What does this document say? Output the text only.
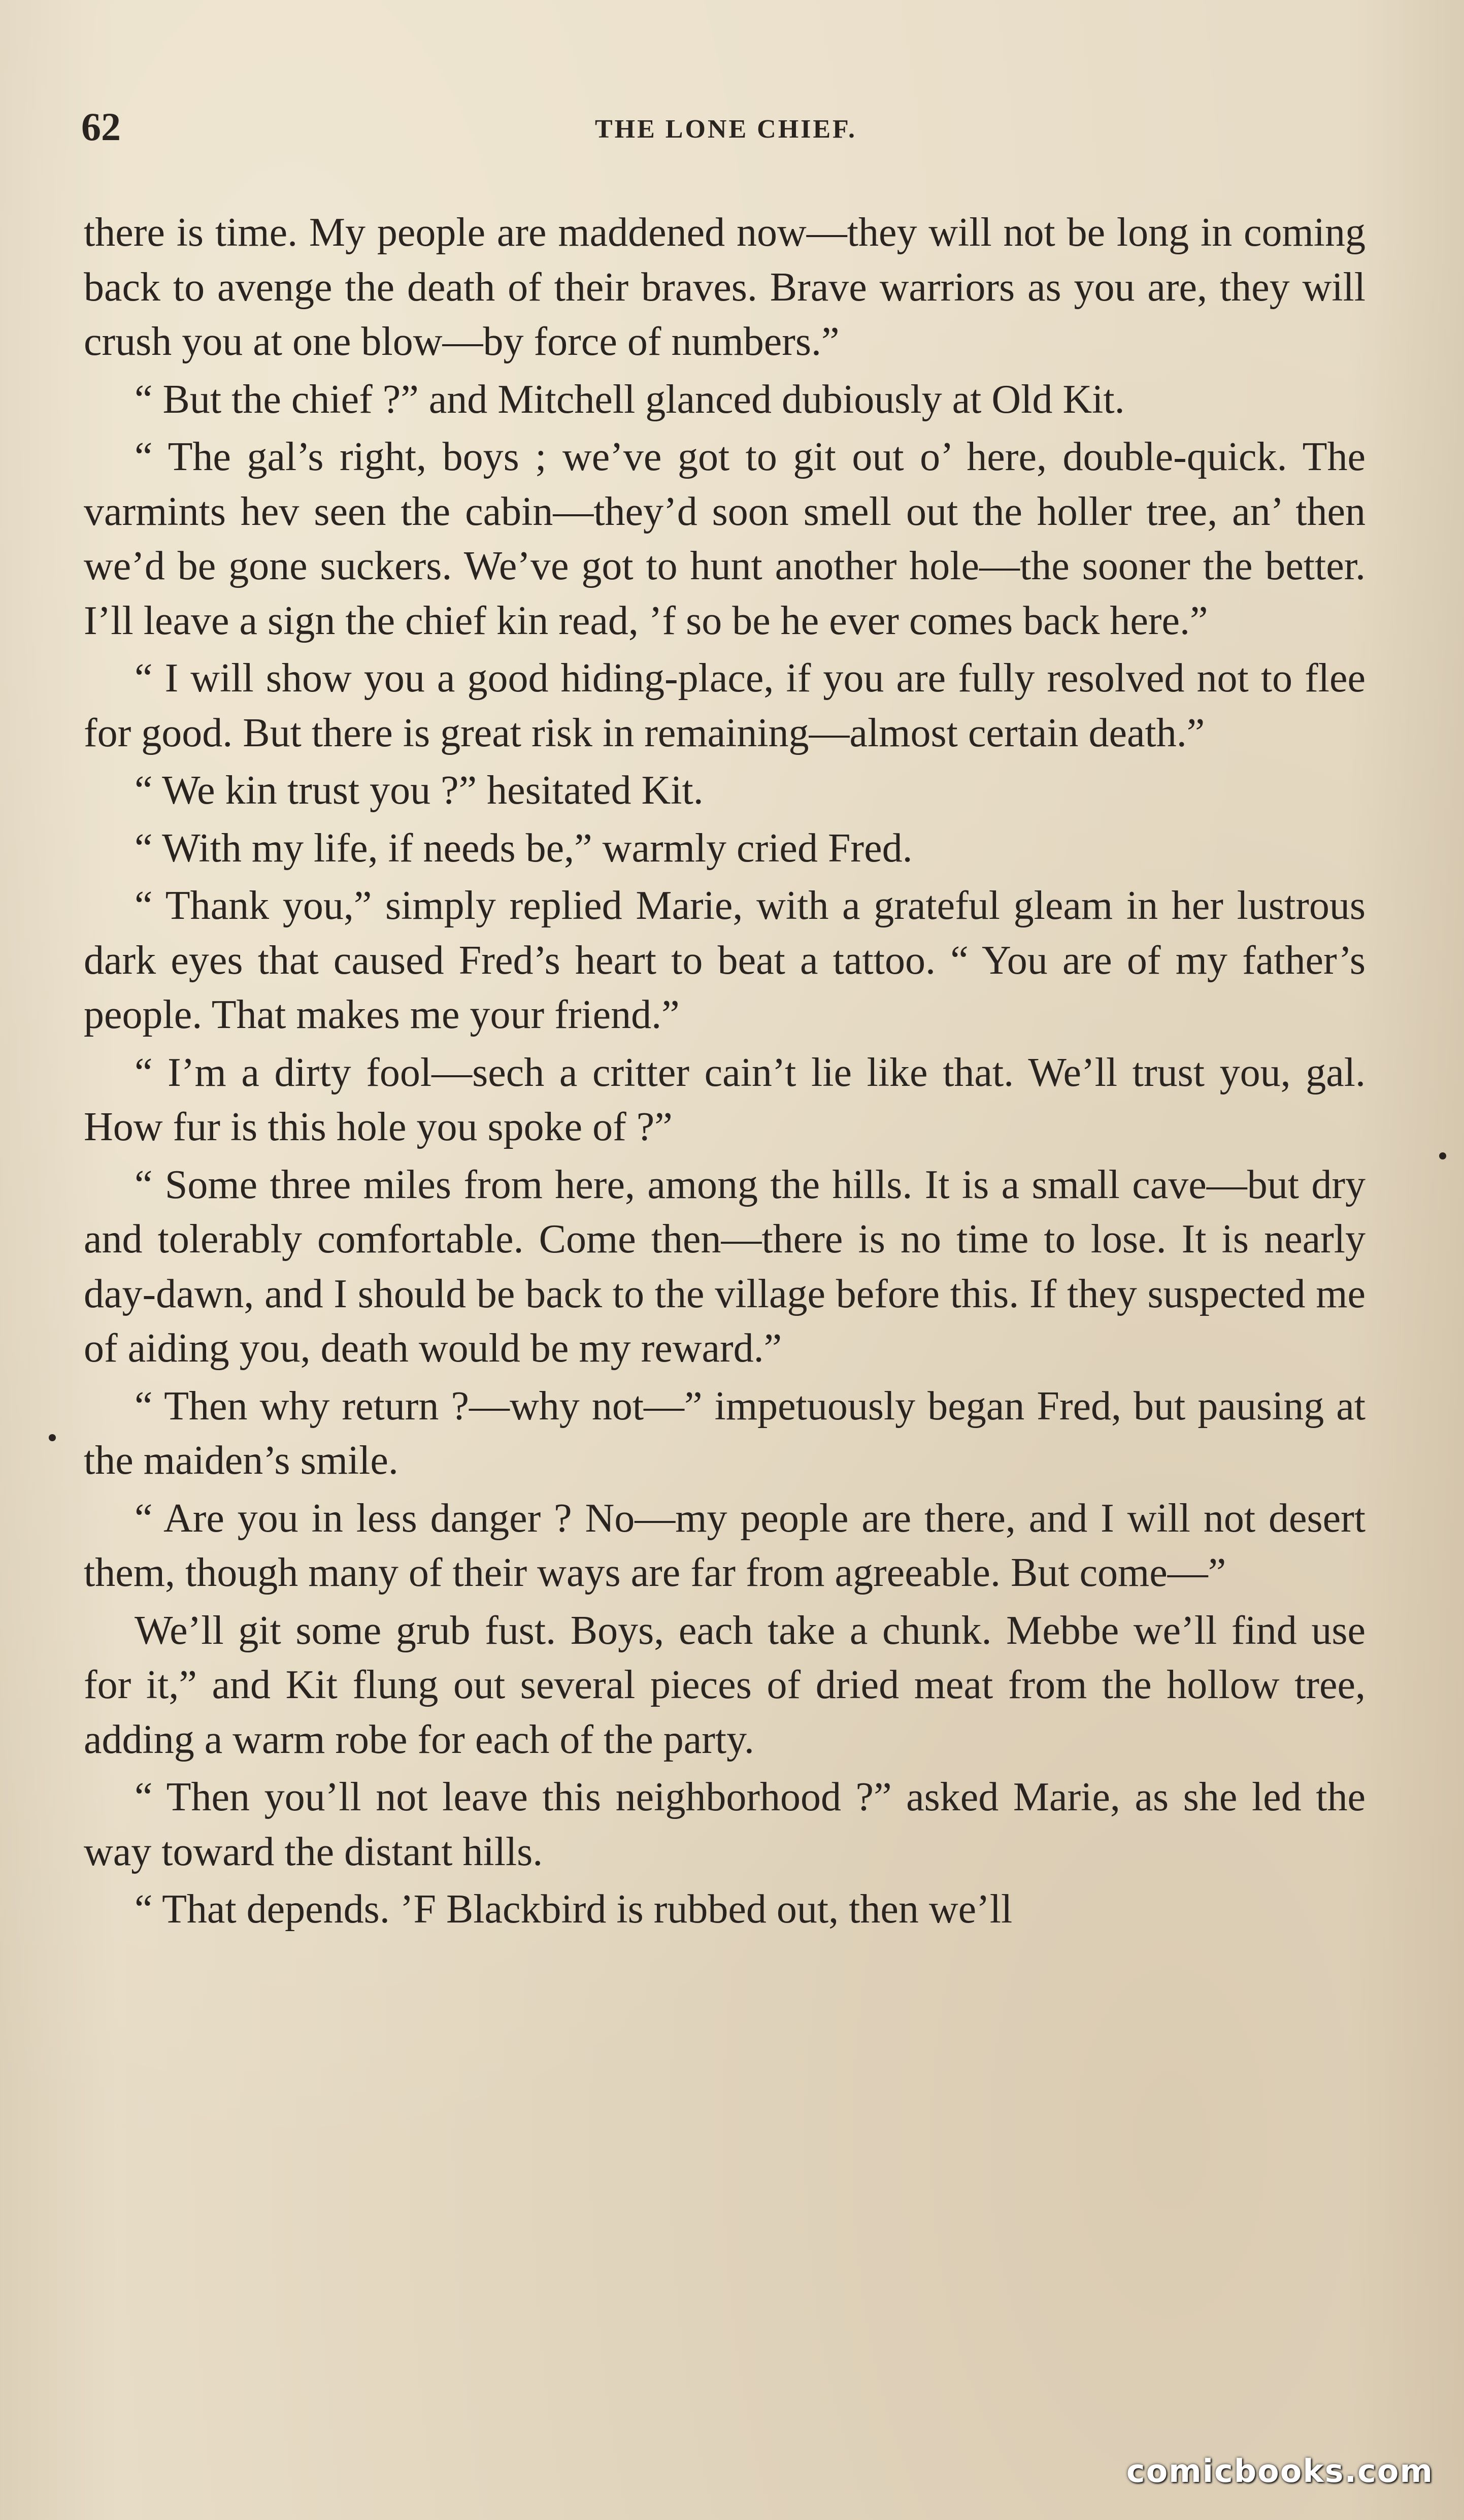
62	THE LONE CHIEF.

there is time. My people are maddened now—they will not be long in coming back to avenge the death of their braves. Brave warriors as you are, they will crush you at one blow—by force of numbers.”

“ But the chief ?” and Mitchell glanced dubiously at Old Kit.

“ The gal’s right, boys ; we’ve got to git out o’ here, double-quick. The varmints hev seen the cabin—they’d soon smell out the holler tree, an’ then we’d be gone suckers. We’ve got to hunt another hole—the sooner the better. I’ll leave a sign the chief kin read, ’f so be he ever comes back here.”

“ I will show you a good hiding-place, if you are fully resolved not to flee for good. But there is great risk in remaining—almost certain death.”

“ We kin trust you ?” hesitated Kit.

“ With my life, if needs be,” warmly cried Fred.

“ Thank you,” simply replied Marie, with a grateful gleam in her lustrous dark eyes that caused Fred’s heart to beat a tattoo. “ You are of my father’s people. That makes me your friend.”

“ I’m a dirty fool—sech a critter cain’t lie like that. We’ll trust you, gal. How fur is this hole you spoke of ?”

“ Some three miles from here, among the hills. It is a small cave—but dry and tolerably comfortable. Come then—there is no time to lose. It is nearly day-dawn, and I should be back to the village before this. If they suspected me of aiding you, death would be my reward.”

“ Then why return ?—why not—” impetuously began Fred, but pausing at the maiden’s smile.

“ Are you in less danger ? No—my people are there, and I will not desert them, though many of their ways are far from agreeable. But come—”

We’ll git some grub fust. Boys, each take a chunk. Mebbe we’ll find use for it,” and Kit flung out several pieces of dried meat from the hollow tree, adding a warm robe for each of the party.

“ Then you’ll not leave this neighborhood ?” asked Marie, as she led the way toward the distant hills.

“ That depends. ’F Blackbird is rubbed out, then we’ll

comicbooks.com
